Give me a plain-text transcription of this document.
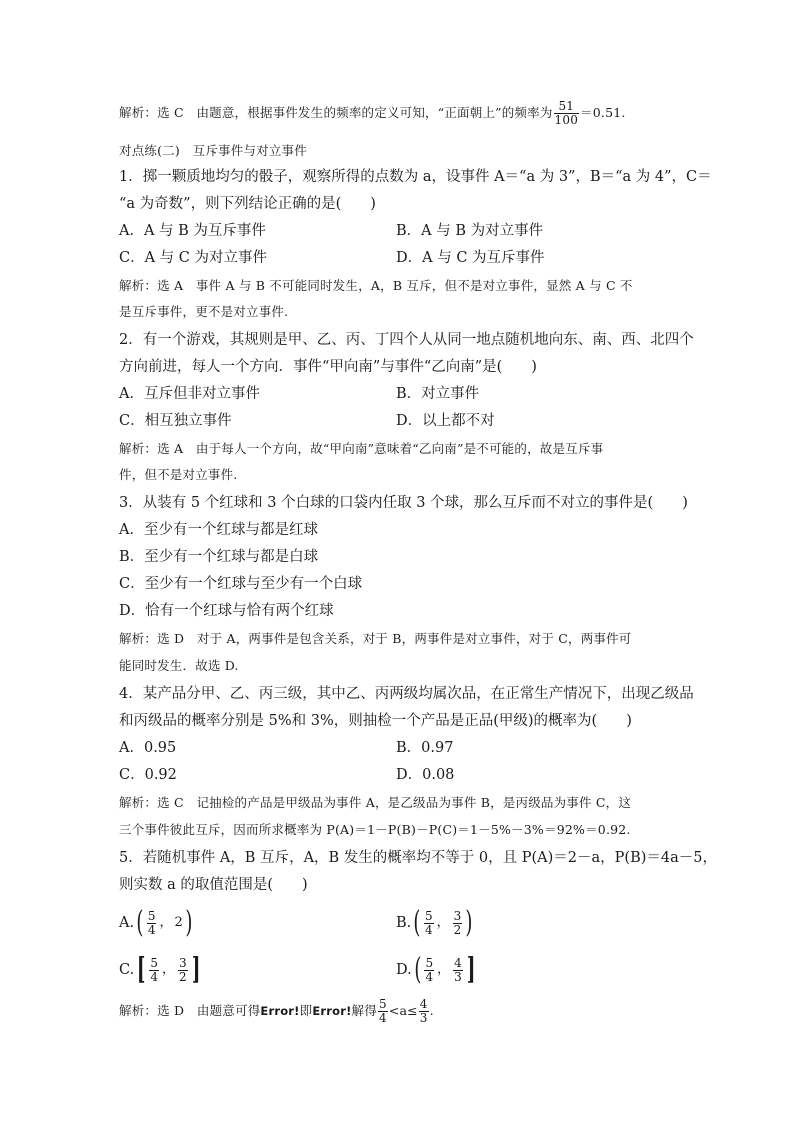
解析：选 C　由题意，根据事件发生的频率的定义可知，“正面朝上”的频率为 $\frac{51}{100} =0.51$.
对点练(二)　互斥事件与对立事件
1．掷一颗质地均匀的骰子，观察所得的点数为 a，设事件 A＝“a 为 3”，B＝“a 为 4”，C＝
“a 为奇数”，则下列结论正确的是(　　)
A．A 与 B 为互斥事件	B．A 与 B 为对立事件
C．A 与 C 为对立事件	D．A 与 C 为互斥事件
解析：选 A　事件 A 与 B 不可能同时发生，A，B 互斥，但不是对立事件，显然 A 与 C 不
是互斥事件，更不是对立事件.
2．有一个游戏，其规则是甲、乙、丙、丁四个人从同一地点随机地向东、南、西、北四个
方向前进，每人一个方向．事件“甲向南”与事件“乙向南”是(　　)
A．互斥但非对立事件	B．对立事件
C．相互独立事件	D．以上都不对
解析：选 A　由于每人一个方向，故“甲向南”意味着“乙向南”是不可能的，故是互斥事
件，但不是对立事件.
3．从装有 5 个红球和 3 个白球的口袋内任取 3 个球，那么互斥而不对立的事件是(　　)
A．至少有一个红球与都是红球
B．至少有一个红球与都是白球
C．至少有一个红球与至少有一个白球
D．恰有一个红球与恰有两个红球
解析：选 D　对于 A，两事件是包含关系，对于 B，两事件是对立事件，对于 C，两事件可
能同时发生．故选 D.
4．某产品分甲、乙、丙三级，其中乙、丙两级均属次品，在正常生产情况下，出现乙级品
和丙级品的概率分别是 5%和 3%，则抽检一个产品是正品(甲级)的概率为(　　)
A．0.95	B．0.97
C．0.92	D．0.08
解析：选 C　记抽检的产品是甲级品为事件 A，是乙级品为事件 B，是丙级品为事件 C，这
三个事件彼此互斥，因而所求概率为 P(A)＝1－P(B)－P(C)＝1－5%－3%＝92%＝0.92.
5．若随机事件 A，B 互斥，A，B 发生的概率均不等于 0，且 P(A)＝2－a，P(B)＝4a－5，
则实数 a 的取值范围是(　　)
$A.( \frac{5}{4}$ ， 2)	$B.( \frac{5}{4}$ ， $\frac{3}{2}$ )
$C.[ \frac{5}{4}$ ， $\frac{3}{2}$ ]	$D.( \frac{5}{4}$ ， $\frac{4}{3}$ ]
解析：选 D　由题意可得Error!即Error!解得 $\frac{5}{4} <a\le \frac{4}{3}$ .
